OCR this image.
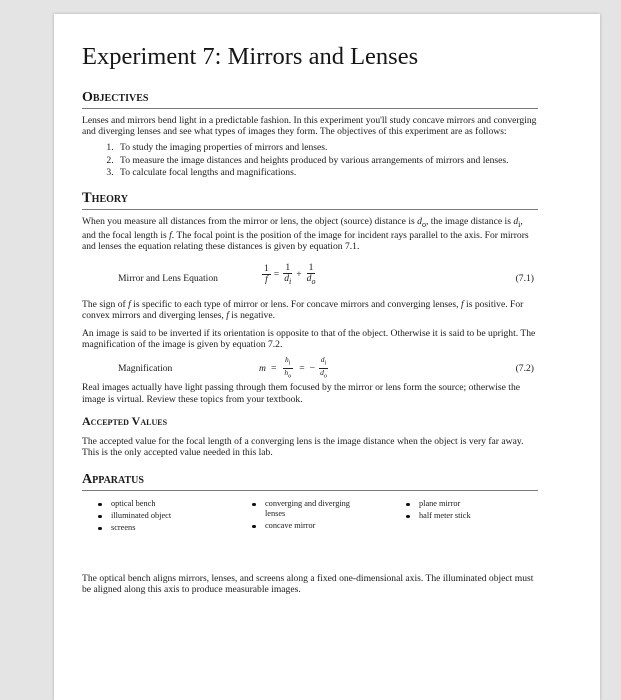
Experiment 7: Mirrors and Lenses
Objectives

Lenses and mirrors bend light in a predictable fashion. In this experiment you'll study concave mirrors and converging and diverging lenses and see what types of images they form. The objectives of this experiment are as follows:

1. To study the imaging properties of mirrors and lenses.
2. To measure the image distances and heights produced by various arrangements of mirrors and lenses.
3. To calculate focal lengths and magnifications.
Theory

When you measure all distances from the mirror or lens, the object (source) distance is $d_o$, the image distance is $d_i$, and the focal length is f. The focal point is the position of the image for incident rays parallel to the axis. For mirrors and lenses the equation relating these distances is given by equation 7.1.

Mirror and Lens Equation	$\frac{1}{f} = \frac{1}{d_i} + \frac{1}{d_o}$	(7.1)

The sign of f is specific to each type of mirror or lens. For concave mirrors and converging lenses, f is positive. For convex mirrors and diverging lenses, f is negative.

An image is said to be inverted if its orientation is opposite to that of the object. Otherwise it is said to be upright. The magnification of the image is given by equation 7.2.

Magnification	$m = \frac{h_i}{h_o}$ = − $\frac{d_i}{d_o}$	(7.2)

Real images actually have light passing through them focused by the mirror or lens form the source; otherwise the image is virtual. Review these topics from your textbook.

Accepted Values

The accepted value for the focal length of a converging lens is the image distance when the object is very far away. This is the only accepted value needed in this lab.

Apparatus
optical bench
illuminated object
screens
converging and diverging
lenses
concave mirror
plane mirror
half meter stick

The optical bench aligns mirrors, lenses, and screens along a fixed one-dimensional axis. The illuminated object must be aligned along this axis to produce measurable images.
